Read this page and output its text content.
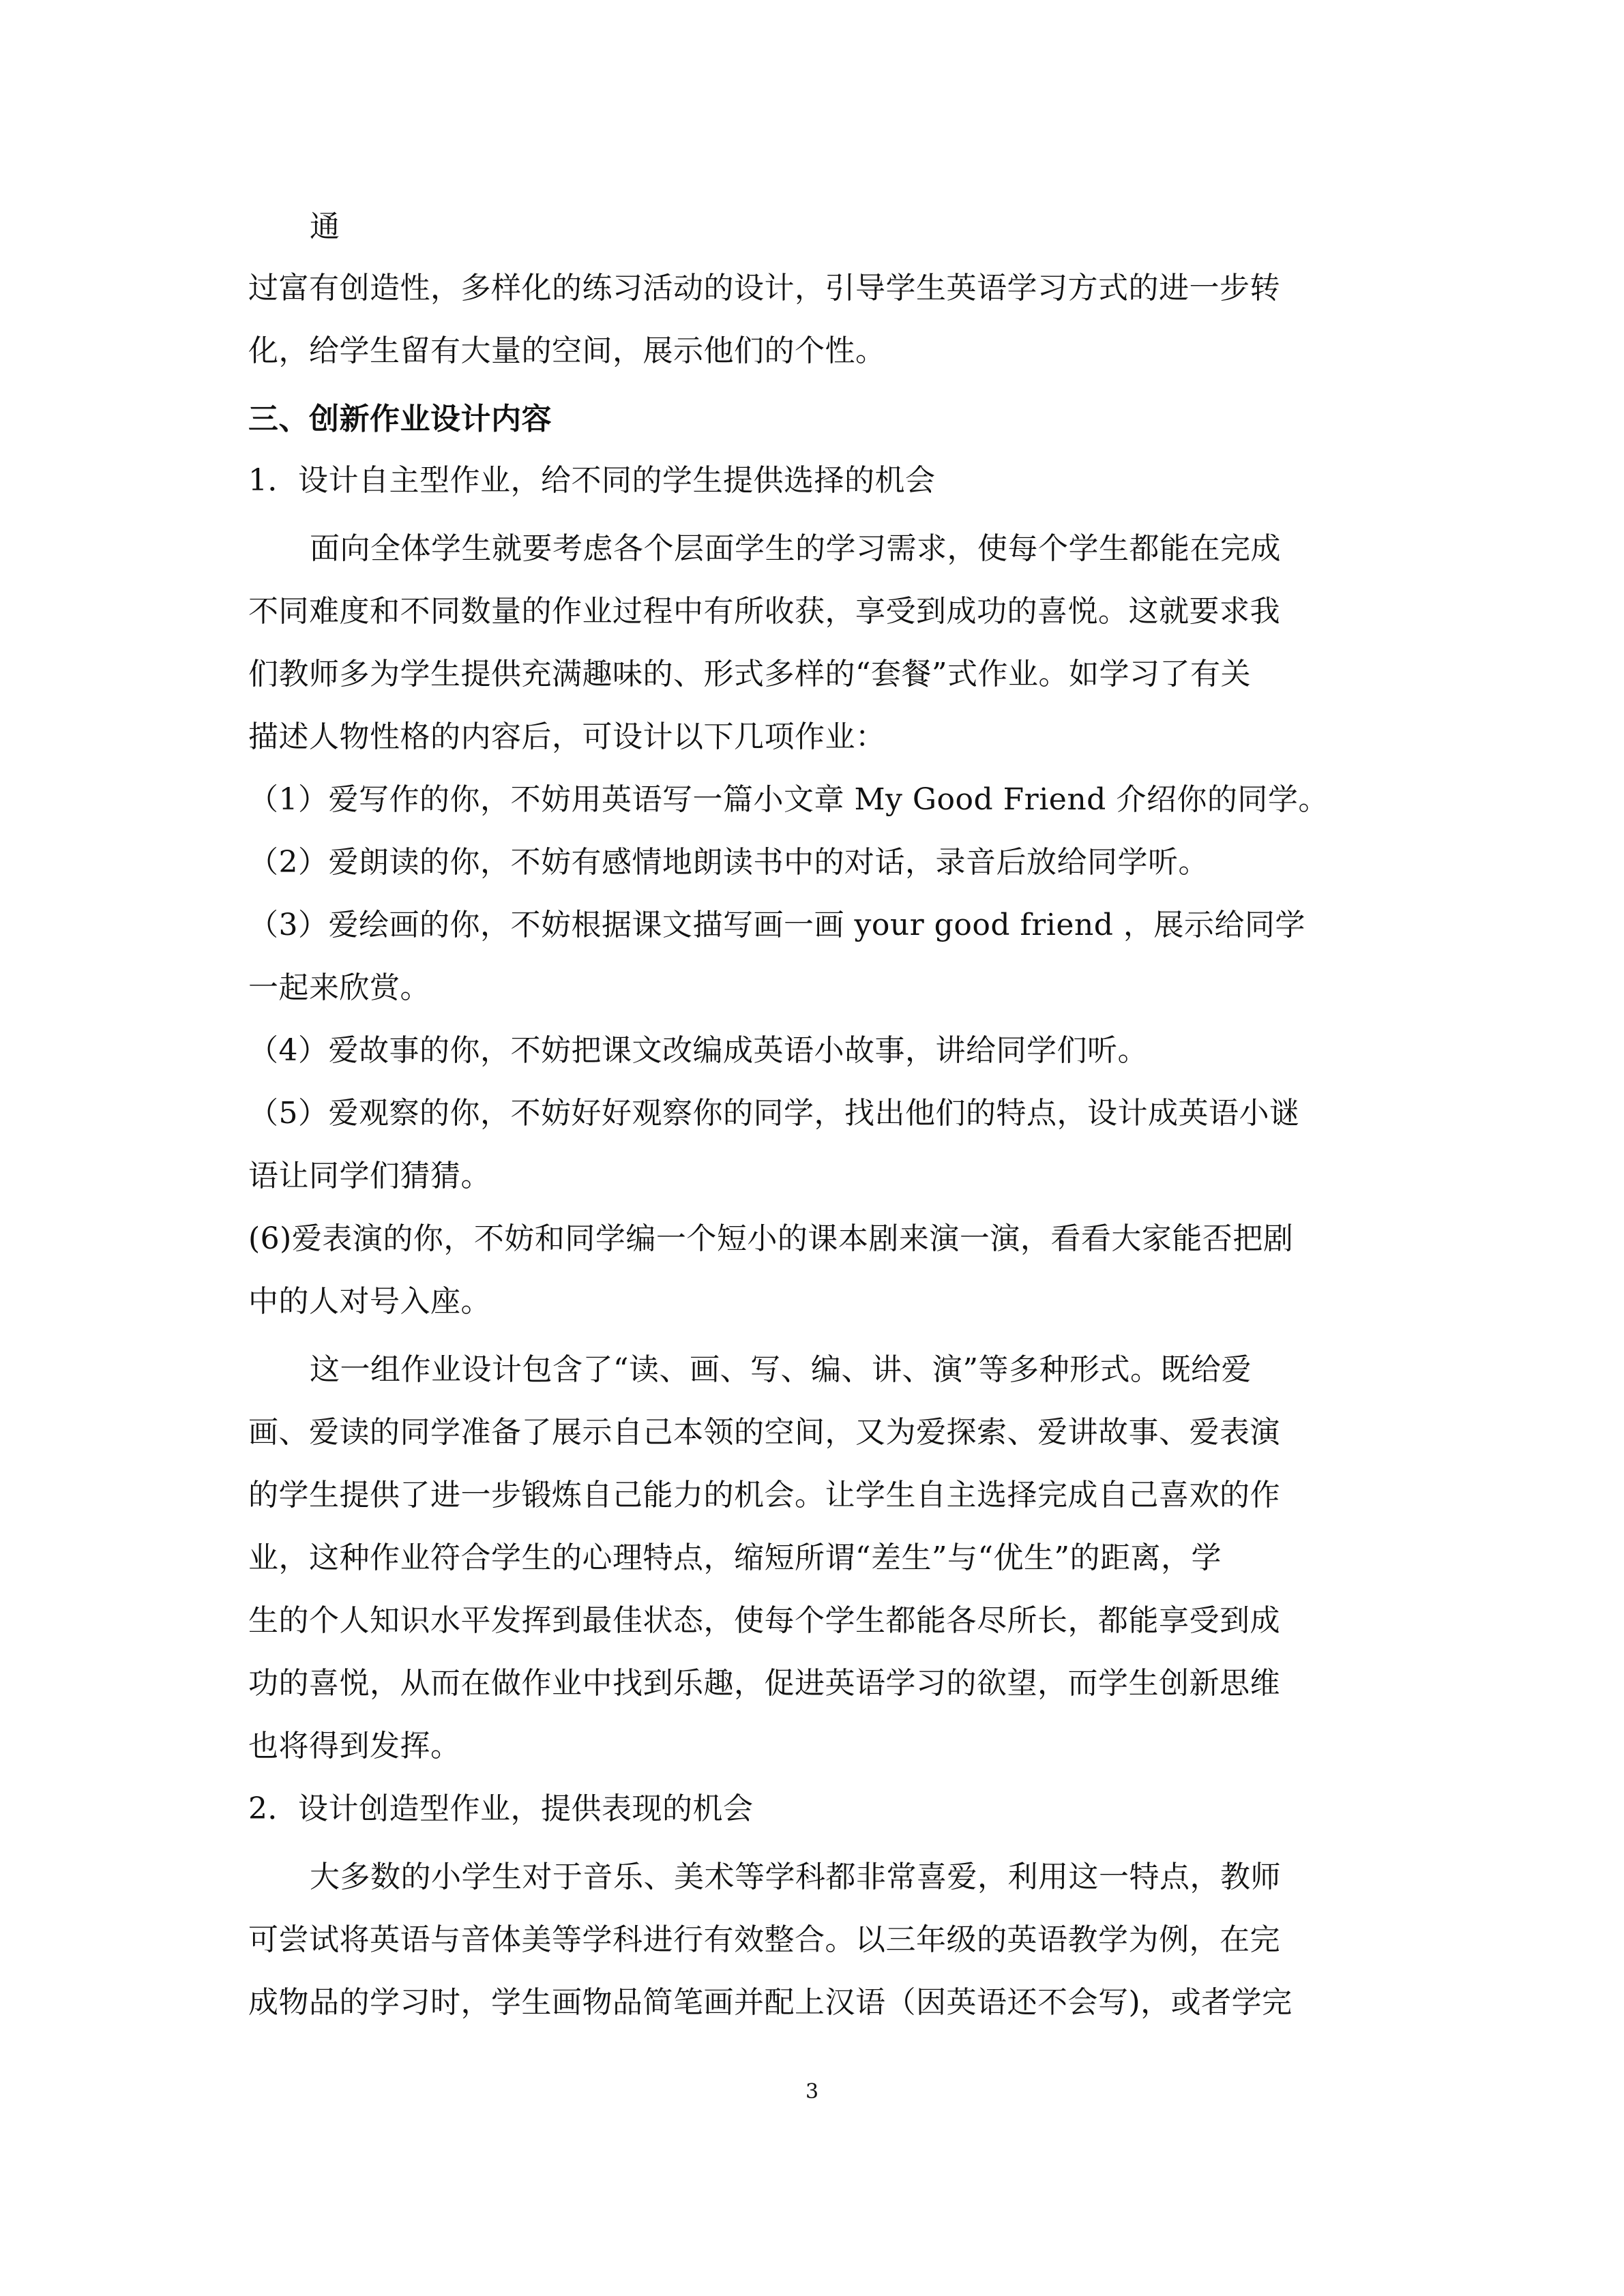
通
过富有创造性，多样化的练习活动的设计，引导学生英语学习方式的进一步转
化，给学生留有大量的空间，展示他们的个性。
三、创新作业设计内容
1．设计自主型作业，给不同的学生提供选择的机会
面向全体学生就要考虑各个层面学生的学习需求，使每个学生都能在完成
不同难度和不同数量的作业过程中有所收获，享受到成功的喜悦。这就要求我
们教师多为学生提供充满趣味的、形式多样的“套餐”式作业。如学习了有关
描述人物性格的内容后，可设计以下几项作业：
（1）爱写作的你，不妨用英语写一篇小文章 My Good Friend 介绍你的同学。
（2）爱朗读的你，不妨有感情地朗读书中的对话，录音后放给同学听。
（3）爱绘画的你，不妨根据课文描写画一画 your good friend ，展示给同学
一起来欣赏。
（4）爱故事的你，不妨把课文改编成英语小故事，讲给同学们听。
（5）爱观察的你，不妨好好观察你的同学，找出他们的特点，设计成英语小谜
语让同学们猜猜。
(6)爱表演的你，不妨和同学编一个短小的课本剧来演一演，看看大家能否把剧
中的人对号入座。
这一组作业设计包含了“读、画、写、编、讲、演”等多种形式。既给爱
画、爱读的同学准备了展示自己本领的空间，又为爱探索、爱讲故事、爱表演
的学生提供了进一步锻炼自己能力的机会。让学生自主选择完成自己喜欢的作
业，这种作业符合学生的心理特点，缩短所谓“差生”与“优生”的距离，学
生的个人知识水平发挥到最佳状态，使每个学生都能各尽所长，都能享受到成
功的喜悦，从而在做作业中找到乐趣，促进英语学习的欲望，而学生创新思维
也将得到发挥。
2．设计创造型作业，提供表现的机会
大多数的小学生对于音乐、美术等学科都非常喜爱，利用这一特点，教师
可尝试将英语与音体美等学科进行有效整合。以三年级的英语教学为例，在完
成物品的学习时，学生画物品简笔画并配上汉语（因英语还不会写)，或者学完
3
